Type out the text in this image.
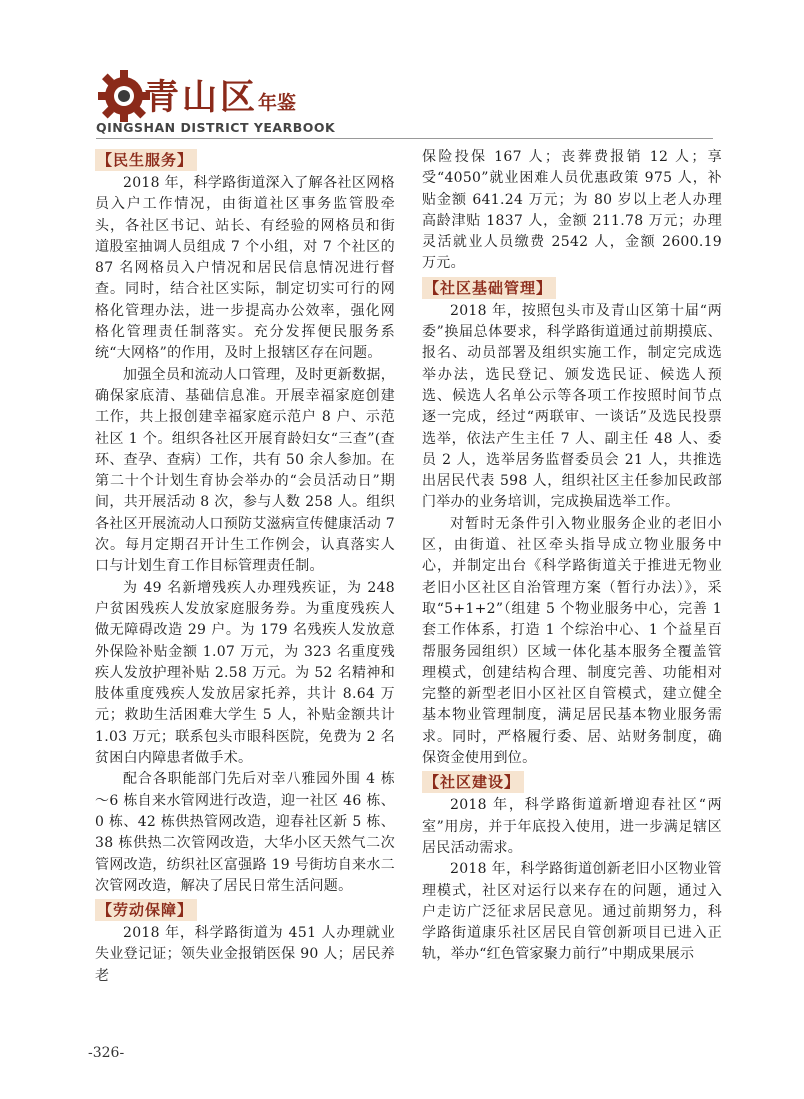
青山区年鉴
QINGSHAN DISTRICT YEARBOOK
【民生服务】
2018 年，科学路街道深入了解各社区网格员入户工作情况，由街道社区事务监管股牵头，各社区书记、站长、有经验的网格员和街道股室抽调人员组成 7 个小组，对 7 个社区的 87 名网格员入户情况和居民信息情况进行督查。同时，结合社区实际，制定切实可行的网格化管理办法，进一步提高办公效率，强化网格化管理责任制落实。充分发挥便民服务系统“大网格”的作用，及时上报辖区存在问题。
加强全员和流动人口管理，及时更新数据，确保家底清、基础信息准。开展幸福家庭创建工作，共上报创建幸福家庭示范户 8 户、示范社区 1 个。组织各社区开展育龄妇女“三查”(查环、查孕、查病）工作，共有 50 余人参加。在第二十个计划生育协会举办的“会员活动日”期间，共开展活动 8 次，参与人数 258 人。组织各社区开展流动人口预防艾滋病宣传健康活动 7 次。每月定期召开计生工作例会，认真落实人口与计划生育工作目标管理责任制。
为 49 名新增残疾人办理残疾证，为 248 户贫困残疾人发放家庭服务券。为重度残疾人做无障碍改造 29 户。为 179 名残疾人发放意外保险补贴金额 1.07 万元，为 323 名重度残疾人发放护理补贴 2.58 万元。为 52 名精神和肢体重度残疾人发放居家托养，共计 8.64 万元；救助生活困难大学生 5 人，补贴金额共计 1.03 万元；联系包头市眼科医院，免费为 2 名贫困白内障患者做手术。
配合各职能部门先后对幸八雅园外围 4 栋～6 栋自来水管网进行改造，迎一社区 46 栋、0 栋、42 栋供热管网改造，迎春社区新 5 栋、38 栋供热二次管网改造，大华小区天然气二次管网改造，纺织社区富强路 19 号街坊自来水二次管网改造，解决了居民日常生活问题。
【劳动保障】
2018 年，科学路街道为 451 人办理就业失业登记证；领失业金报销医保 90 人；居民养老
保险投保 167 人；丧葬费报销 12 人；享受“4050”就业困难人员优惠政策 975 人，补贴金额 641.24 万元；为 80 岁以上老人办理高龄津贴 1837 人，金额 211.78 万元；办理灵活就业人员缴费 2542 人，金额 2600.19 万元。
【社区基础管理】
2018 年，按照包头市及青山区第十届“两委”换届总体要求，科学路街道通过前期摸底、报名、动员部署及组织实施工作，制定完成选举办法，选民登记、颁发选民证、候选人预选、候选人名单公示等各项工作按照时间节点逐一完成，经过“两联审、一谈话”及选民投票选举，依法产生主任 7 人、副主任 48 人、委员 2 人，选举居务监督委员会 21 人，共推选出居民代表 598 人，组织社区主任参加民政部门举办的业务培训，完成换届选举工作。
对暂时无条件引入物业服务企业的老旧小区，由街道、社区牵头指导成立物业服务中心，并制定出台《科学路街道关于推进无物业老旧小区社区自治管理方案（暂行办法）》，采取“5+1+2”（组建 5 个物业服务中心，完善 1 套工作体系，打造 1 个综治中心、1 个益星百帮服务园组织）区域一体化基本服务全覆盖管理模式，创建结构合理、制度完善、功能相对完整的新型老旧小区社区自管模式，建立健全基本物业管理制度，满足居民基本物业服务需求。同时，严格履行委、居、站财务制度，确保资金使用到位。
【社区建设】
2018 年，科学路街道新增迎春社区“两室”用房，并于年底投入使用，进一步满足辖区居民活动需求。
2018 年，科学路街道创新老旧小区物业管理模式，社区对运行以来存在的问题，通过入户走访广泛征求居民意见。通过前期努力，科学路街道康乐社区居民自管创新项目已进入正轨，举办“红色管家聚力前行”中期成果展示
-326-
